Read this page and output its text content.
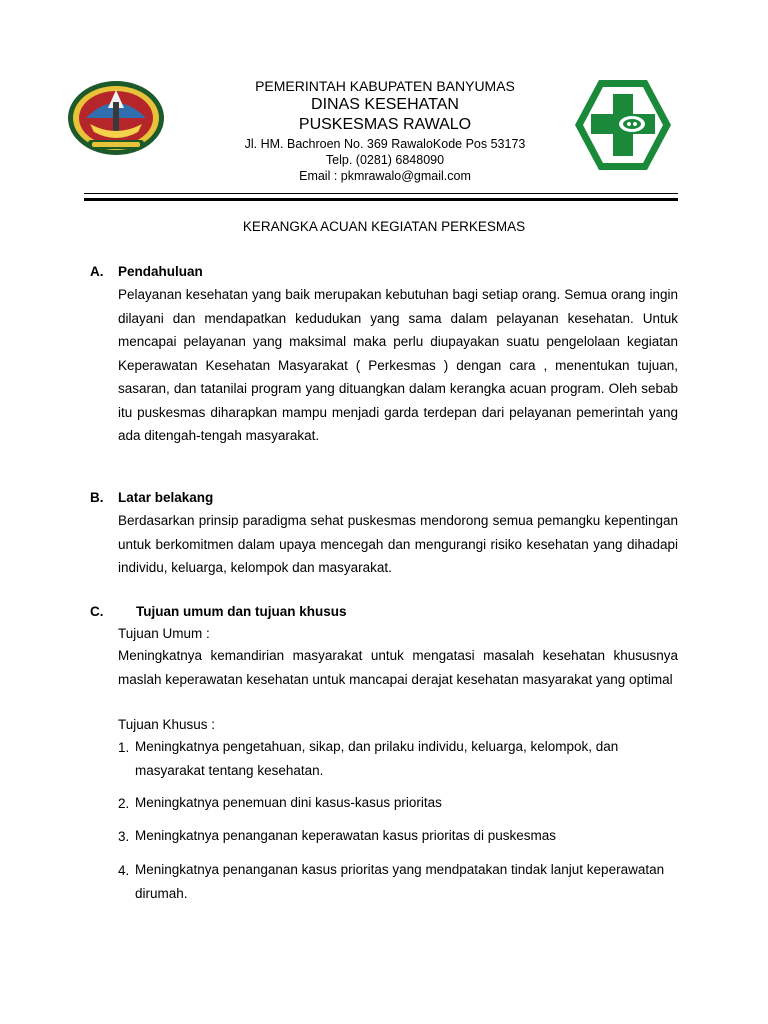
PEMERINTAH KABUPATEN BANYUMAS
DINAS KESEHATAN
PUSKESMAS RAWALO
Jl. HM. Bachroen No. 369 RawaloKode Pos 53173
Telp. (0281) 6848090
Email : pkmrawalo@gmail.com
KERANGKA ACUAN KEGIATAN PERKESMAS
A. Pendahuluan

Pelayanan kesehatan yang baik merupakan kebutuhan bagi setiap orang. Semua orang ingin dilayani dan mendapatkan kedudukan yang sama dalam pelayanan kesehatan. Untuk mencapai pelayanan yang maksimal maka perlu diupayakan suatu pengelolaan kegiatan Keperawatan Kesehatan Masyarakat ( Perkesmas ) dengan cara , menentukan tujuan, sasaran, dan tatanilai program yang dituangkan dalam kerangka acuan program. Oleh sebab itu puskesmas diharapkan mampu menjadi garda terdepan dari pelayanan pemerintah yang ada ditengah-tengah masyarakat.

B. Latar belakang

Berdasarkan prinsip paradigma sehat puskesmas mendorong semua pemangku kepentingan untuk berkomitmen dalam upaya mencegah dan mengurangi risiko kesehatan yang dihadapi individu, keluarga, kelompok dan masyarakat.

C. Tujuan umum dan tujuan khusus
Tujuan Umum :

Meningkatnya kemandirian masyarakat untuk mengatasi masalah kesehatan khususnya maslah keperawatan kesehatan untuk mancapai derajat kesehatan masyarakat yang optimal

Tujuan Khusus :
1. Meningkatnya pengetahuan, sikap, dan prilaku individu, keluarga, kelompok, dan masyarakat tentang kesehatan.

2. Meningkatnya penemuan dini kasus-kasus prioritas

3. Meningkatnya penanganan keperawatan kasus prioritas di puskesmas

4. Meningkatnya penanganan kasus prioritas yang mendpatakan tindak lanjut keperawatan dirumah.
